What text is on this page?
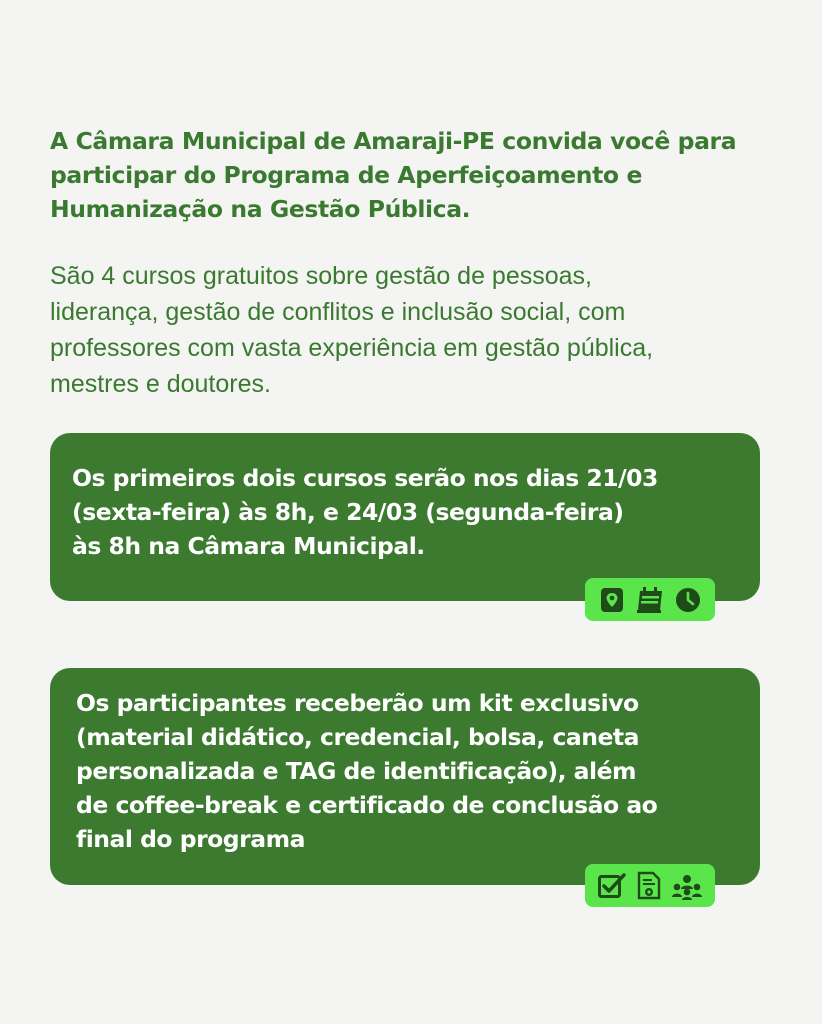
A Câmara Municipal de Amaraji-PE convida você para
participar do Programa de Aperfeiçoamento e
Humanização na Gestão Pública.
São 4 cursos gratuitos sobre gestão de pessoas,
liderança, gestão de conflitos e inclusão social, com
professores com vasta experiência em gestão pública,
mestres e doutores.
Os primeiros dois cursos serão nos dias 21/03
(sexta-feira) às 8h, e 24/03 (segunda-feira)
às 8h na Câmara Municipal.
Os participantes receberão um kit exclusivo
(material didático, credencial, bolsa, caneta
personalizada e TAG de identificação), além
de coffee-break e certificado de conclusão ao
final do programa
